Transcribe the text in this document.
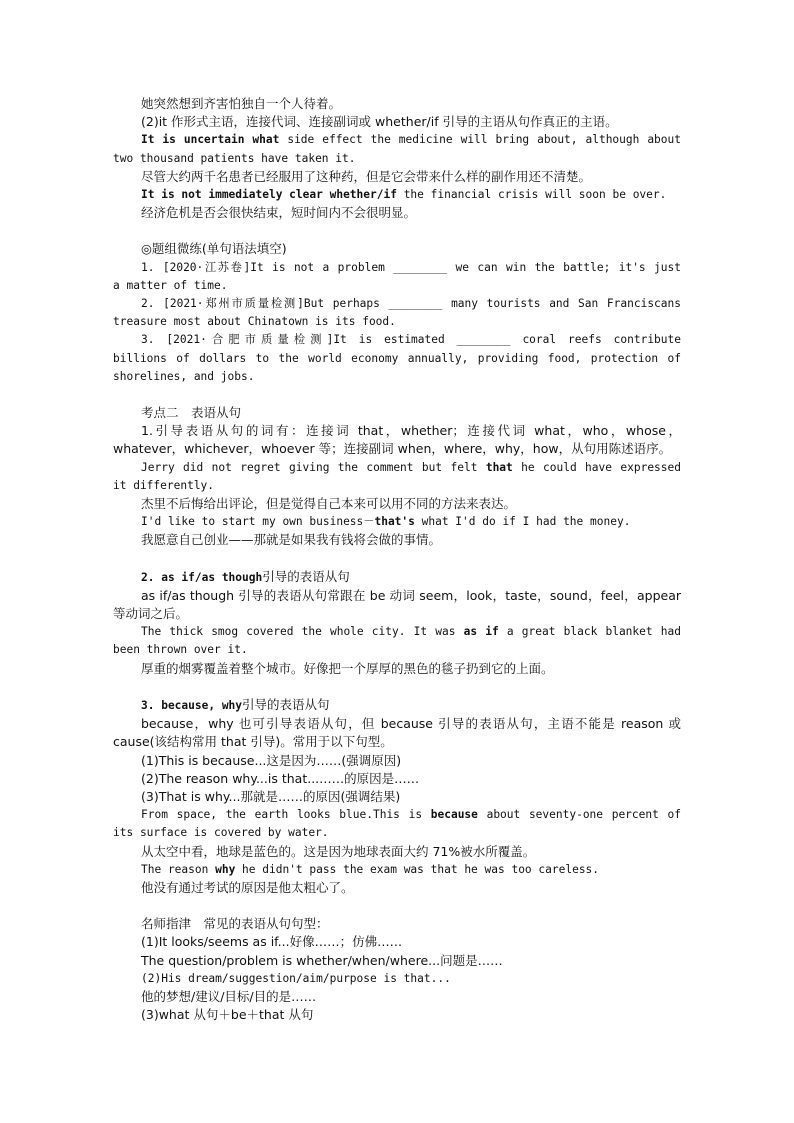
她突然想到齐害怕独自一个人待着。
(2)it 作形式主语，连接代词、连接副词或 whether/if 引导的主语从句作真正的主语。
It is uncertain what side effect the medicine will bring about, although about
two thousand patients have taken it.
尽管大约两千名患者已经服用了这种药，但是它会带来什么样的副作用还不清楚。
It is not immediately clear whether/if the financial crisis will soon be over.
经济危机是否会很快结束，短时间内不会很明显。
◎题组微练(单句语法填空)
1. [2020·江苏卷]It is not a problem ________ we can win the battle; it's just
a matter of time.
2. [2021·郑州市质量检测]But perhaps ________ many tourists and San Franciscans
treasure most about Chinatown is its food.
3. [2021·合肥市质量检测]It is estimated ________ coral reefs contribute
billions of dollars to the world economy annually, providing food, protection of
shorelines, and jobs.
考点二　表语从句
1.引导表语从句的词有：连接词 that，whether；连接代词 what，who，whose，
whatever，whichever，whoever 等；连接副词 when，where，why，how，从句用陈述语序。
Jerry did not regret giving the comment but felt that he could have expressed
it differently.
杰里不后悔给出评论，但是觉得自己本来可以用不同的方法来表达。
I'd like to start my own business－that's what I'd do if I had the money.
我愿意自己创业——那就是如果我有钱将会做的事情。
2. as if/as though引导的表语从句
as if/as though 引导的表语从句常跟在 be 动词 seem，look，taste，sound，feel，appear
等动词之后。
The thick smog covered the whole city. It was as if a great black blanket had
been thrown over it.
厚重的烟雾覆盖着整个城市。好像把一个厚厚的黑色的毯子扔到它的上面。
3. because, why引导的表语从句
because，why 也可引导表语从句，但 because 引导的表语从句，主语不能是 reason 或
cause(该结构常用 that 引导)。常用于以下句型。
(1)This is because...这是因为……(强调原因)
(2)The reason why...is that...……的原因是……
(3)That is why...那就是……的原因(强调结果)
From space, the earth looks blue.This is because about seventy-one percent of
its surface is covered by water.
从太空中看，地球是蓝色的。这是因为地球表面大约 71%被水所覆盖。
The reason why he didn't pass the exam was that he was too careless.
他没有通过考试的原因是他太粗心了。
名师指津　常见的表语从句句型：
(1)It looks/seems as if...好像……；仿佛……
The question/problem is whether/when/where...问题是……
(2)His dream/suggestion/aim/purpose is that...
他的梦想/建议/目标/目的是……
(3)what 从句＋be＋that 从句
